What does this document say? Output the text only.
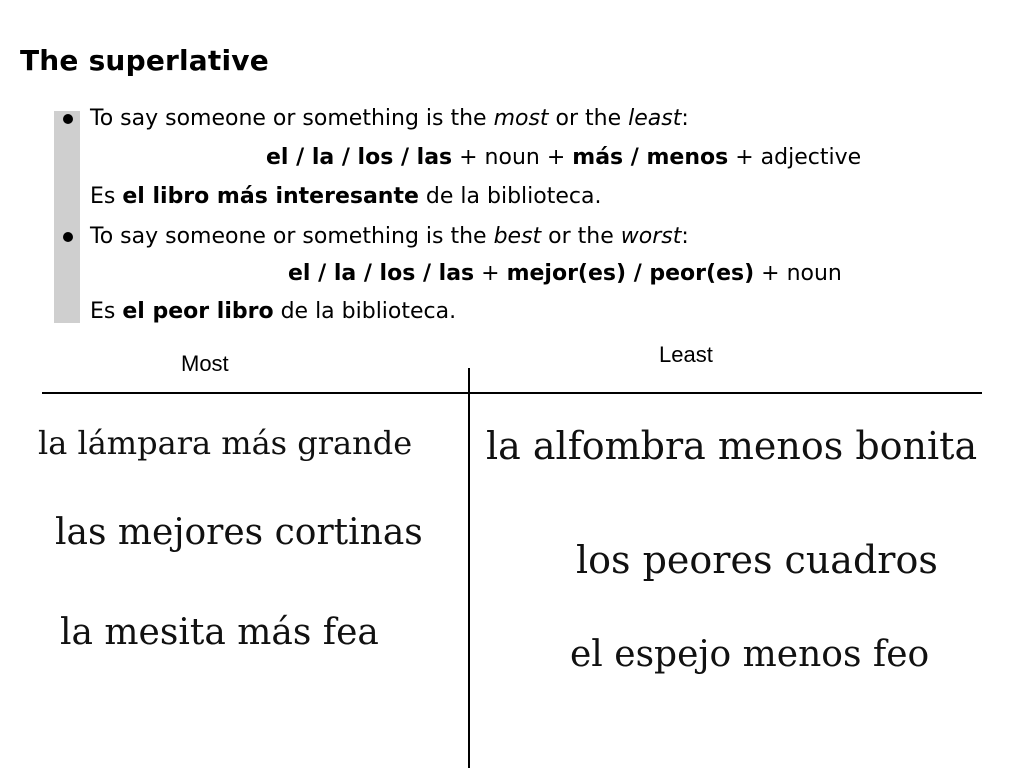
The superlative
To say someone or something is the most or the least:
el / la / los / las + noun + más / menos + adjective
Es el libro más interesante de la biblioteca.
To say someone or something is the best or the worst:
el / la / los / las + mejor(es) / peor(es) + noun
Es el peor libro de la biblioteca.
Most	Least
la lámpara más grande
las mejores cortinas
la mesita más fea
la alfombra menos bonita
los peores cuadros
el espejo menos feo
